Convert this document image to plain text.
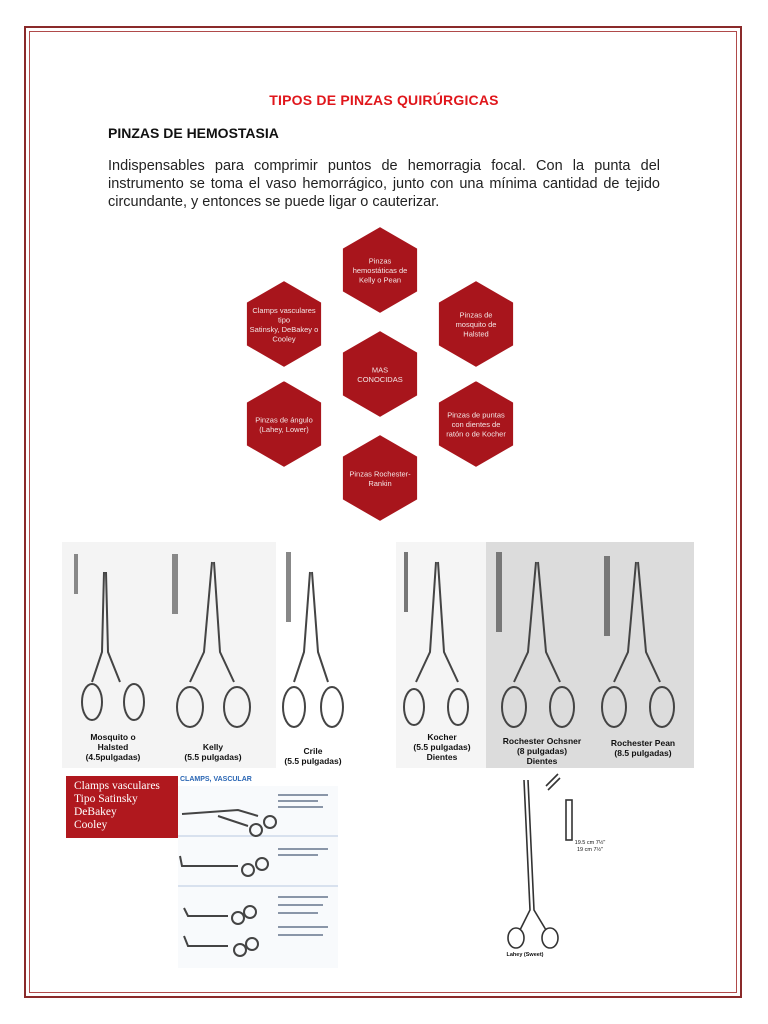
TIPOS DE PINZAS QUIRÚRGICAS
PINZAS DE HEMOSTASIA
Indispensables para comprimir puntos de hemorragia focal. Con la punta del instrumento se toma el vaso hemorrágico, junto con una mínima cantidad de tejido circundante, y entonces se puede ligar o cauterizar.
Pinzas
hemostáticas de
Kelly o Pean
Pinzas de
mosquito de
Halsted
Pinzas de puntas
con dientes de
ratón o de Kocher
Pinzas Rochester-
Rankin
Pinzas de ángulo
(Lahey, Lower)
Clamps vasculares
tipo
Satinsky, DeBakey o
Cooley
MAS
CONOCIDAS
Mosquito o
Halsted
(4.5pulgadas)
Kelly
(5.5 pulgadas)
Crile
(5.5 pulgadas)
Kocher
(5.5 pulgadas)
Dientes
Rochester Ochsner
(8 pulgadas)
Dientes
Rochester Pean
(8.5 pulgadas)
Clamps vasculares
Tipo Satinsky
DeBakey
Cooley
CLAMPS, VASCULAR
19.5 cm 7½"
19 cm 7½"
Lahey (Sweet)
